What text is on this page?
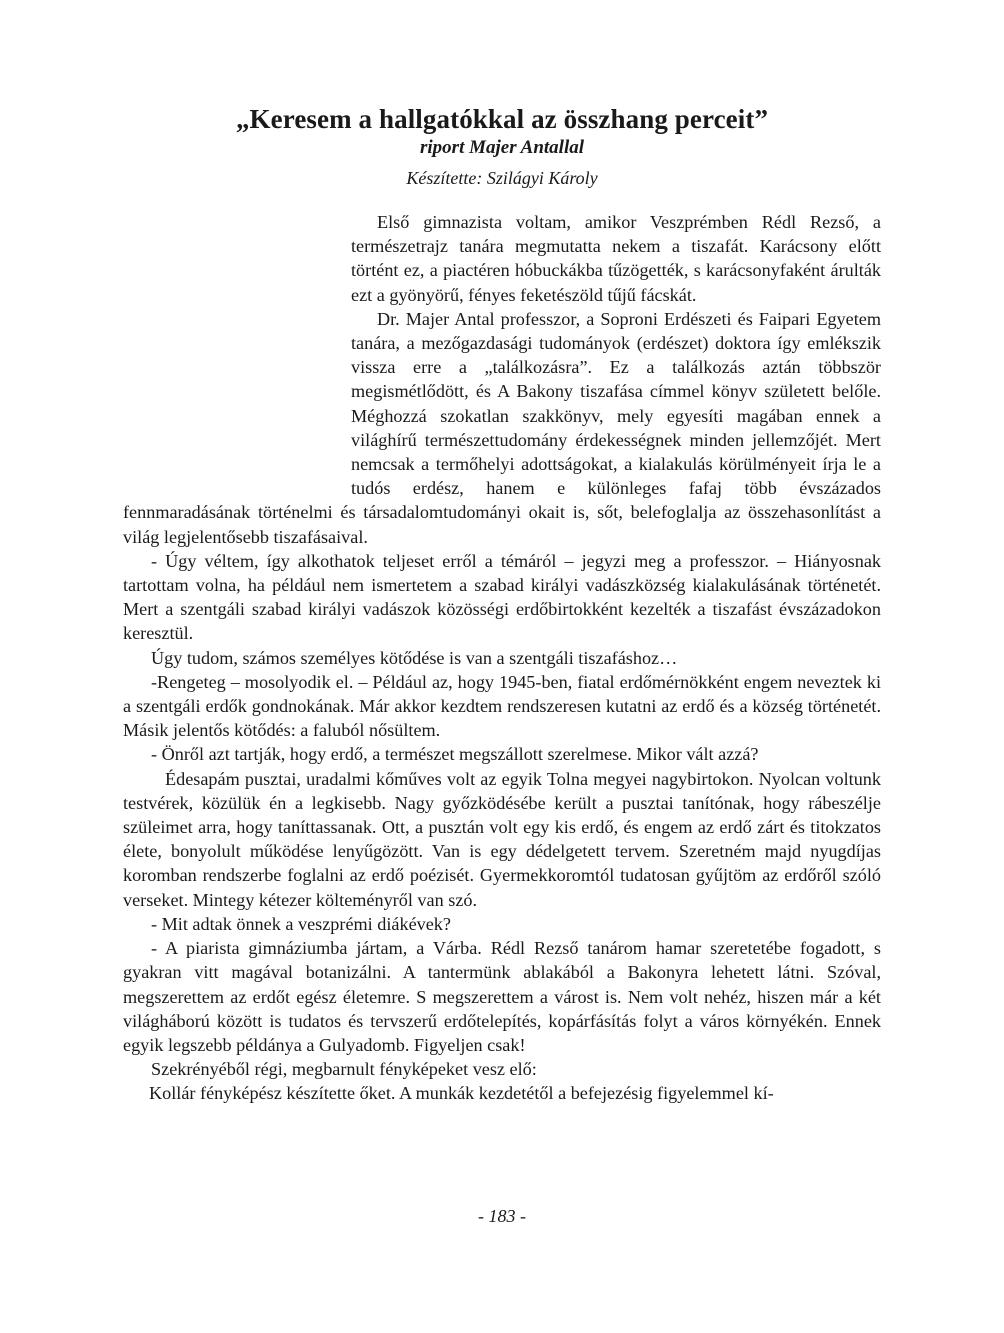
„Keresem a hallgatókkal az összhang perceit”
riport Majer Antallal
Készítette: Szilágyi Károly

Első gimnazista voltam, amikor Veszprémben Rédl Rezső, a természetrajz tanára megmutatta nekem a tiszafát. Karácsony előtt történt ez, a piactéren hóbuckákba tűzögették, s karácsonyfaként árulták ezt a gyönyörű, fényes feketészöld tűjű fácskát.

Dr. Majer Antal professzor, a Soproni Erdészeti és Faipari Egyetem tanára, a mezőgazdasági tudományok (erdészet) doktora így emlékszik vissza erre a „találkozásra”. Ez a találkozás aztán többször megismétlődött, és A Bakony tiszafása címmel könyv született belőle. Méghozzá szokatlan szakkönyv, mely egyesíti magában ennek a világhírű természettudomány érdekességnek minden jellemzőjét. Mert nemcsak a termőhelyi adottságokat, a kialakulás körülményeit írja le a tudós erdész, hanem e különleges fafaj több évszázados fennmaradásának történelmi és társadalomtudományi okait is, sőt, belefoglalja az összehasonlítást a világ legjelentősebb tiszafásaival.

- Úgy véltem, így alkothatok teljeset erről a témáról – jegyzi meg a professzor. – Hiányosnak tartottam volna, ha például nem ismertetem a szabad királyi vadászközség kialakulásának történetét. Mert a szentgáli szabad királyi vadászok közösségi erdőbirtokként kezelték a tiszafást évszázadokon keresztül.

Úgy tudom, számos személyes kötődése is van a szentgáli tiszafáshoz…

-Rengeteg – mosolyodik el. – Például az, hogy 1945-ben, fiatal erdőmérnökként engem neveztek ki a szentgáli erdők gondnokának. Már akkor kezdtem rendszeresen kutatni az erdő és a község történetét. Másik jelentős kötődés: a faluból nősültem.

- Önről azt tartják, hogy erdő, a természet megszállott szerelmese. Mikor vált azzá?

Édesapám pusztai, uradalmi kőműves volt az egyik Tolna megyei nagybirtokon. Nyolcan voltunk testvérek, közülük én a legkisebb. Nagy győzködésébe került a pusztai tanítónak, hogy rábeszélje szüleimet arra, hogy taníttassanak. Ott, a pusztán volt egy kis erdő, és engem az erdő zárt és titokzatos élete, bonyolult működése lenyűgözött. Van is egy dédelgetett tervem. Szeretném majd nyugdíjas koromban rendszerbe foglalni az erdő poézisét. Gyermekkoromtól tudatosan gyűjtöm az erdőről szóló verseket. Mintegy kétezer költeményről van szó.

- Mit adtak önnek a veszprémi diákévek?

- A piarista gimnáziumba jártam, a Várba. Rédl Rezső tanárom hamar szeretetébe fogadott, s gyakran vitt magával botanizálni. A tantermünk ablakából a Bakonyra lehetett látni. Szóval, megszerettem az erdőt egész életemre. S megszerettem a várost is. Nem volt nehéz, hiszen már a két világháború között is tudatos és tervszerű erdőtelepítés, kopárfásítás folyt a város környékén. Ennek egyik legszebb példánya a Gulyadomb. Figyeljen csak!

Szekrényéből régi, megbarnult fényképeket vesz elő:

Kollár fényképész készítette őket. A munkák kezdetétől a befejezésig figyelemmel kí-

- 183 -
